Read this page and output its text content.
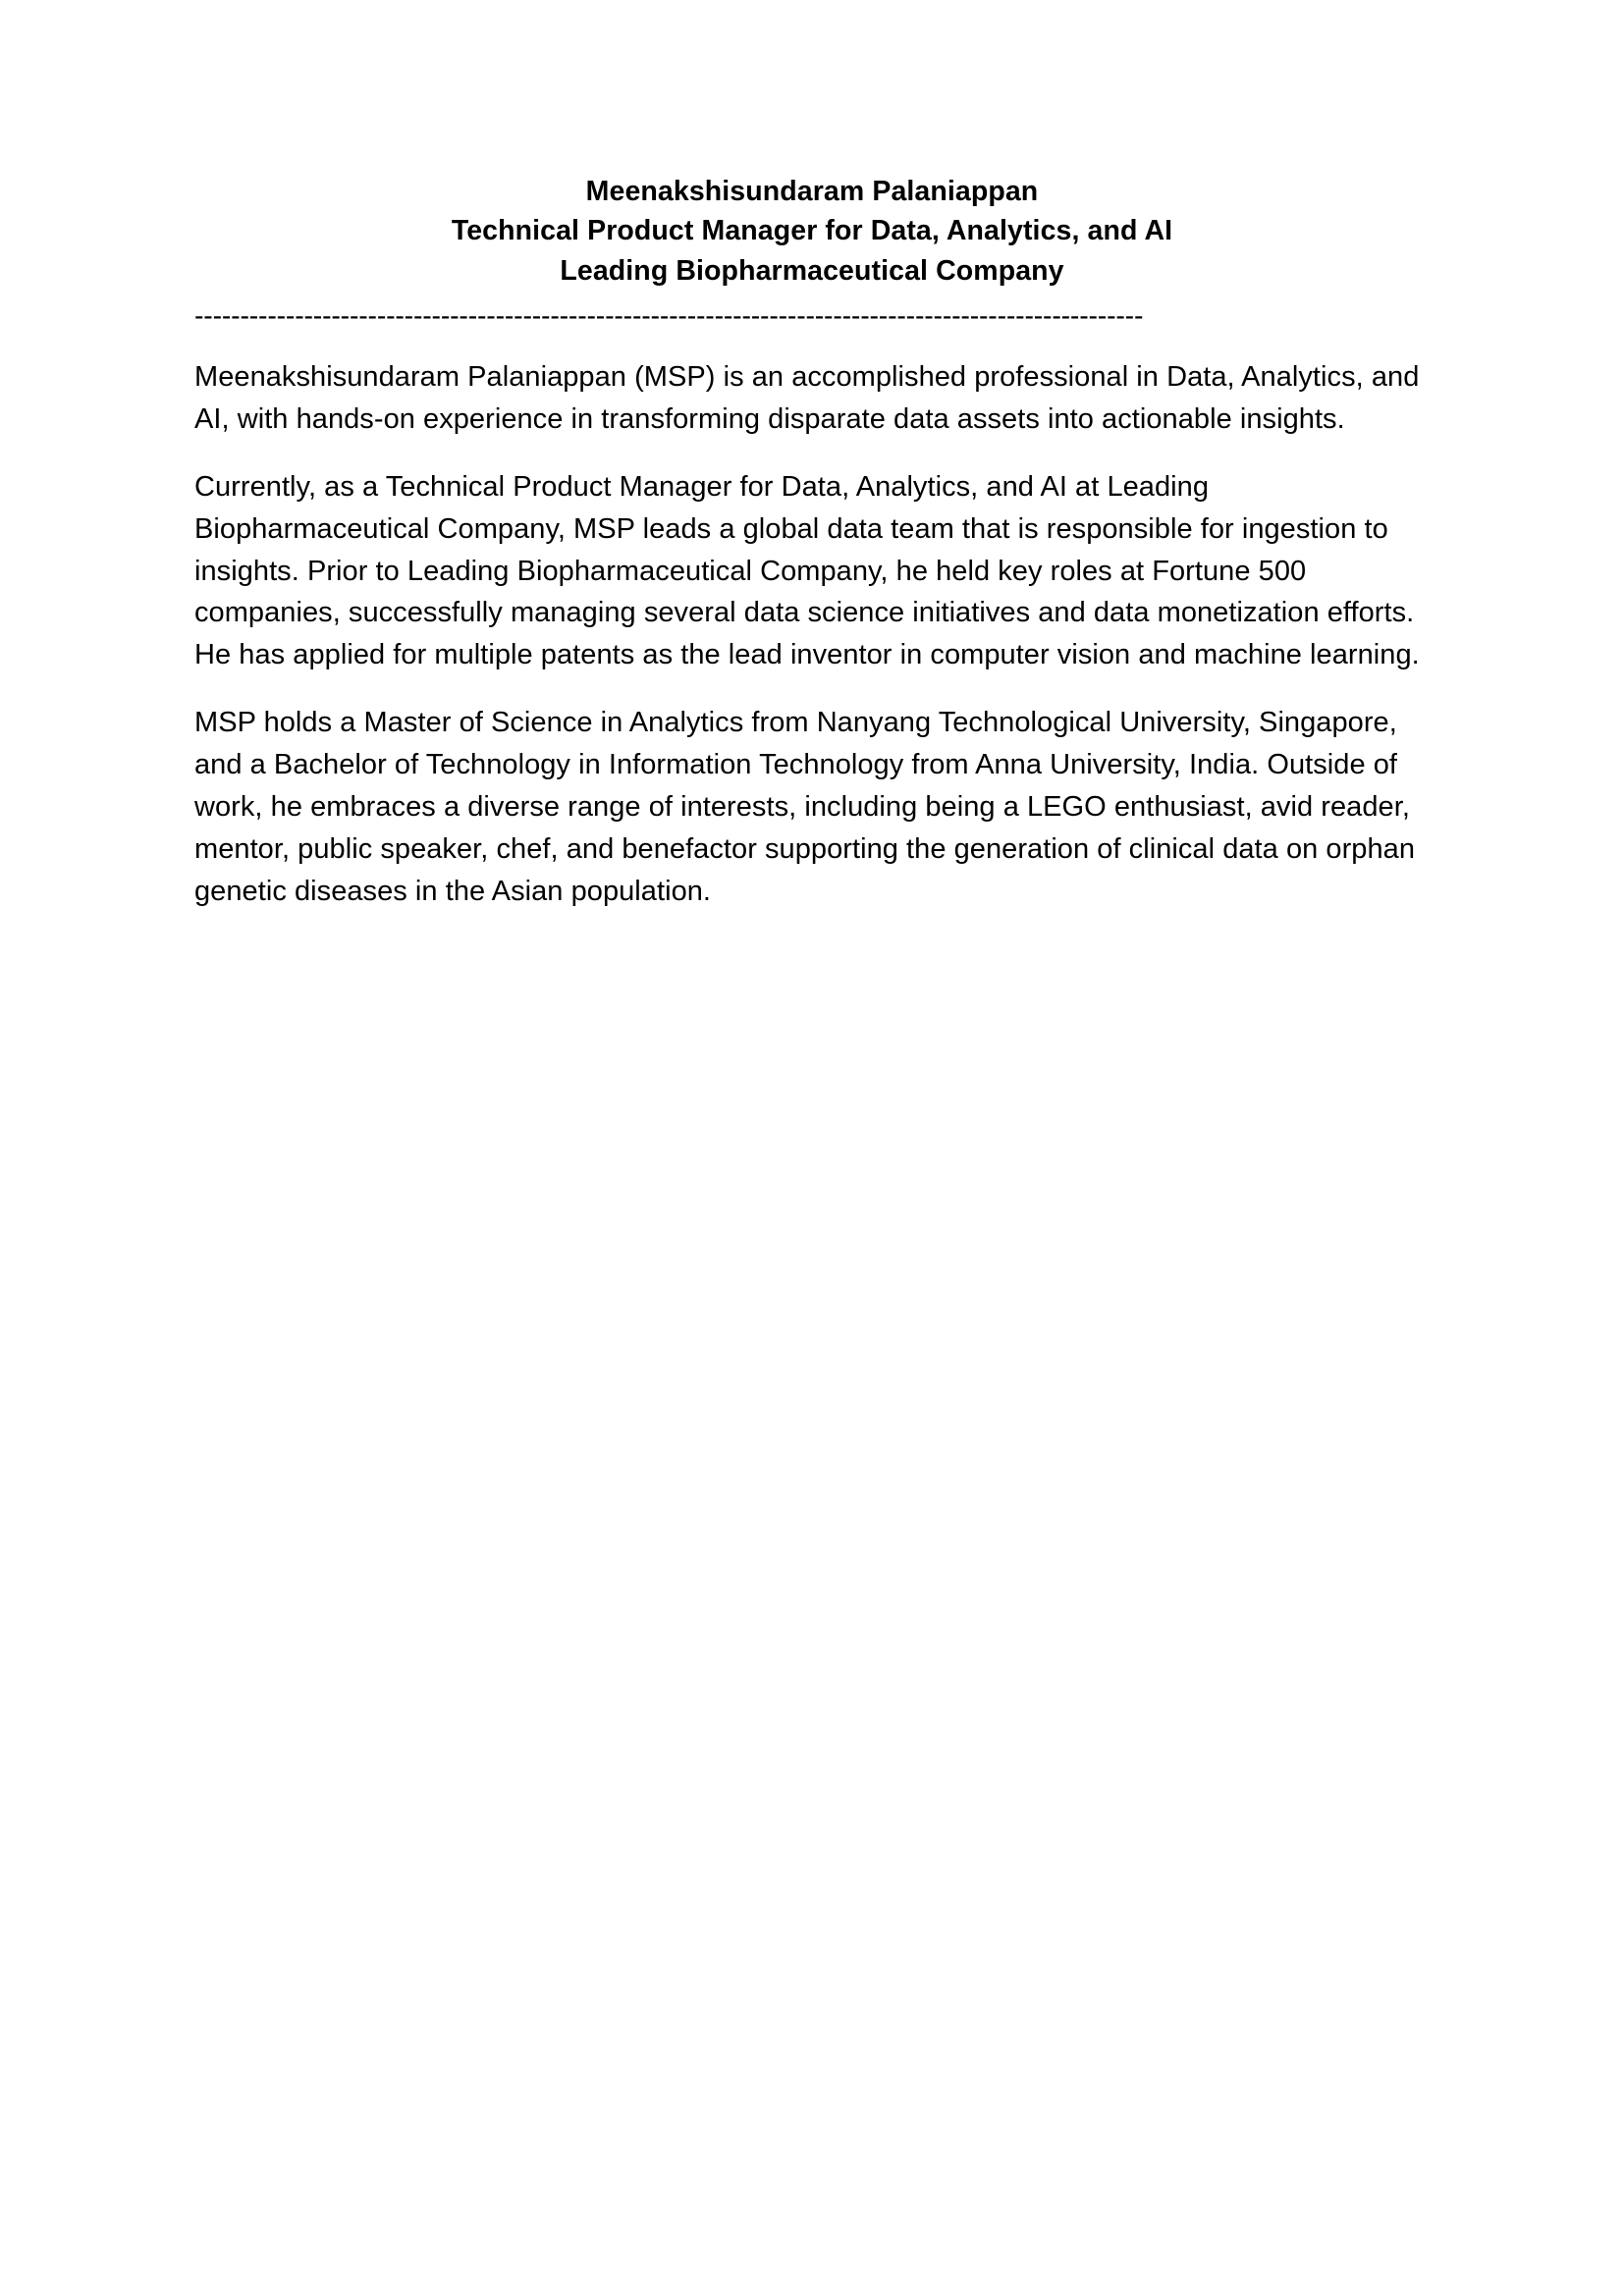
Meenakshisundaram Palaniappan
Technical Product Manager for Data, Analytics, and AI
Leading Biopharmaceutical Company
--------------------------------------------------------------------------------------------------------

Meenakshisundaram Palaniappan (MSP) is an accomplished professional in Data, Analytics, and AI, with hands-on experience in transforming disparate data assets into actionable insights.

Currently, as a Technical Product Manager for Data, Analytics, and AI at Leading Biopharmaceutical Company, MSP leads a global data team that is responsible for ingestion to insights. Prior to Leading Biopharmaceutical Company, he held key roles at Fortune 500 companies, successfully managing several data science initiatives and data monetization efforts. He has applied for multiple patents as the lead inventor in computer vision and machine learning.

MSP holds a Master of Science in Analytics from Nanyang Technological University, Singapore, and a Bachelor of Technology in Information Technology from Anna University, India. Outside of work, he embraces a diverse range of interests, including being a LEGO enthusiast, avid reader, mentor, public speaker, chef, and benefactor supporting the generation of clinical data on orphan genetic diseases in the Asian population.
